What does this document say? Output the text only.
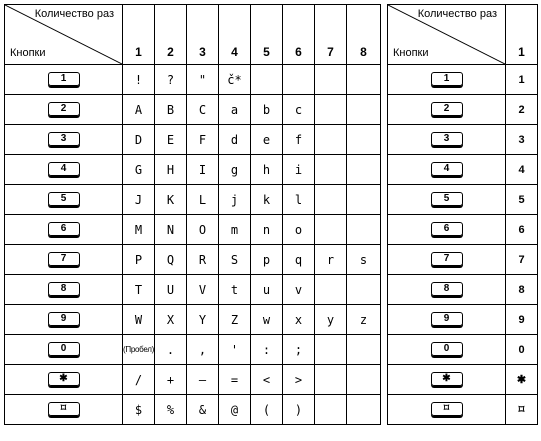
Количество раз
Кнопки	1	2	3	4	5	6	7	8
1	!	?	"	č*				
2	A	B	C	a	b	c		
3	D	E	F	d	e	f		
4	G	H	I	g	h	i		
5	J	K	L	j	k	l		
6	M	N	O	m	n	o		
7	P	Q	R	S	p	q	r	s
8	T	U	V	t	u	v		
9	W	X	Y	Z	w	x	y	z
0	(Пробел)	.	,	'	:	;		
✱	/	+	—	=	<	>		
⌑	$	%	&	@	(	)		
Количество раз
Кнопки	1
1	1
2	2
3	3
4	4
5	5
6	6
7	7
8	8
9	9
0	0
✱	✱
⌑	⌑
